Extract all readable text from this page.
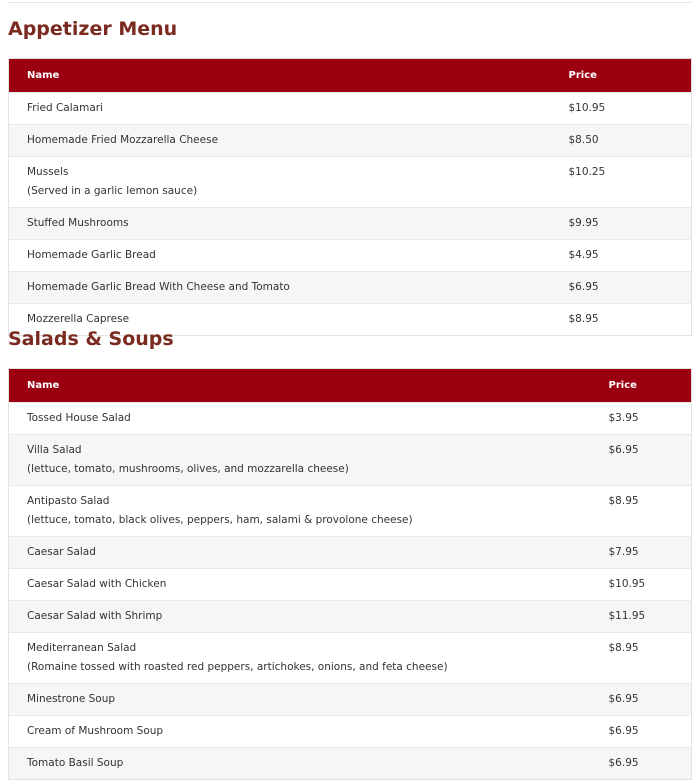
Appetizer Menu
Name	Price
Fried Calamari	$10.95
Homemade Fried Mozzarella Cheese	$8.50
Mussels
(Served in a garlic lemon sauce)	$10.25
Stuffed Mushrooms	$9.95
Homemade Garlic Bread	$4.95
Homemade Garlic Bread With Cheese and Tomato	$6.95
Mozzerella Caprese	$8.95
Salads & Soups
Name	Price
Tossed House Salad	$3.95
Villa Salad
(lettuce, tomato, mushrooms, olives, and mozzarella cheese)	$6.95
Antipasto Salad
(lettuce, tomato, black olives, peppers, ham, salami & provolone cheese)	$8.95
Caesar Salad	$7.95
Caesar Salad with Chicken	$10.95
Caesar Salad with Shrimp	$11.95
Mediterranean Salad
(Romaine tossed with roasted red peppers, artichokes, onions, and feta cheese)	$8.95
Minestrone Soup	$6.95
Cream of Mushroom Soup	$6.95
Tomato Basil Soup	$6.95
